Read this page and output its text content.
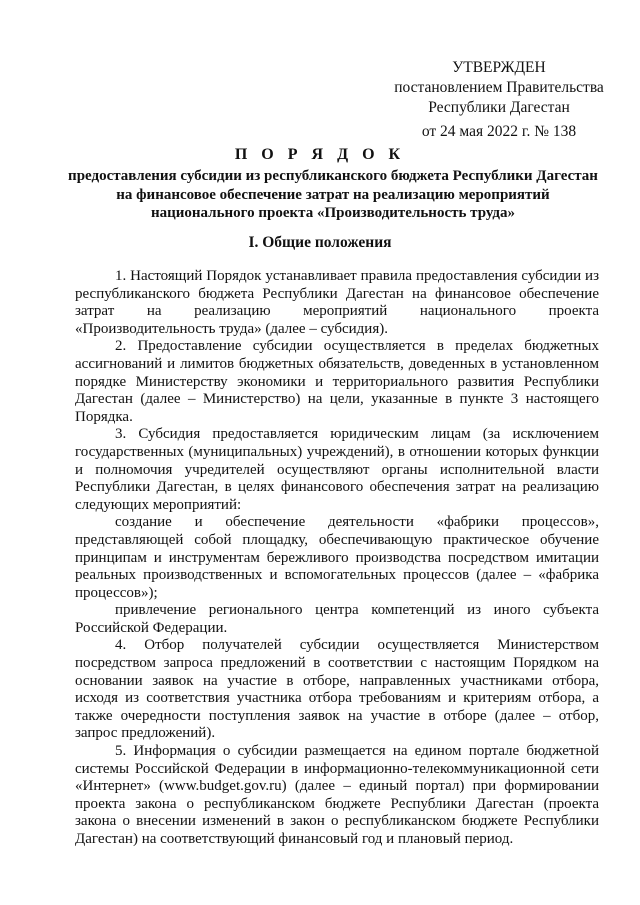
УТВЕРЖДЕН
постановлением Правительства
Республики Дагестан
от 24 мая 2022 г. № 138
П О Р Я Д О К
предоставления субсидии из республиканского бюджета Республики Дагестан на финансовое обеспечение затрат на реализацию мероприятий национального проекта «Производительность труда»
I. Общие положения

1. Настоящий Порядок устанавливает правила предоставления субсидии из республиканского бюджета Республики Дагестан на финансовое обеспечение затрат на реализацию мероприятий национального проекта «Производительность труда» (далее – субсидия).

2. Предоставление субсидии осуществляется в пределах бюджетных ассигнований и лимитов бюджетных обязательств, доведенных в установленном порядке Министерству экономики и территориального развития Республики Дагестан (далее – Министерство) на цели, указанные в пункте 3 настоящего Порядка.

3. Субсидия предоставляется юридическим лицам (за исключением государственных (муниципальных) учреждений), в отношении которых функции и полномочия учредителей осуществляют органы исполнительной власти Республики Дагестан, в целях финансового обеспечения затрат на реализацию следующих мероприятий:

создание и обеспечение деятельности «фабрики процессов», представляющей собой площадку, обеспечивающую практическое обучение принципам и инструментам бережливого производства посредством имитации реальных производственных и вспомогательных процессов (далее – «фабрика процессов»);

привлечение регионального центра компетенций из иного субъекта Российской Федерации.

4. Отбор получателей субсидии осуществляется Министерством посредством запроса предложений в соответствии с настоящим Порядком на основании заявок на участие в отборе, направленных участниками отбора, исходя из соответствия участника отбора требованиям и критериям отбора, а также очередности поступления заявок на участие в отборе (далее – отбор, запрос предложений).

5. Информация о субсидии размещается на едином портале бюджетной системы Российской Федерации в информационно-телекоммуникационной сети «Интернет» (www.budget.gov.ru) (далее – единый портал) при формировании проекта закона о республиканском бюджете Республики Дагестан (проекта закона о внесении изменений в закон о республиканском бюджете Республики Дагестан) на соответствующий финансовый год и плановый период.
